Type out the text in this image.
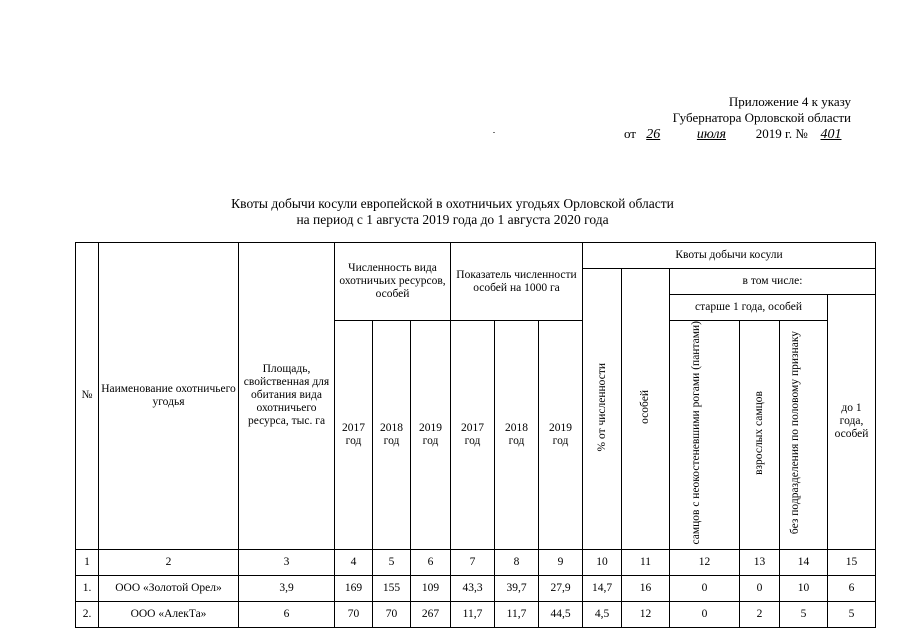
Приложение 4 к указу
Губернатора Орловской области
от 26	июля 2019 г. № 401
Квоты добычи косули европейской в охотничьих угодьях Орловской области
на период с 1 августа 2019 года до 1 августа 2020 года
№	Наименование охотничьего угодья	Площадь, свойственная для обитания вида охотничьего ресурса, тыс. га	Численность вида охотничьих ресурсов, особей			Показатель численности особей на 1000 га			Квоты добычи косули					
									% от численности	особей	в том числе:			
											старше 1 года, особей			до 1 года, особей
			2017 год	2018 год	2019 год	2017 год	2018 год	2019 год			самцов с неокостеневшими рогами (пантами)	взрослых самцов	без подразделения по половому признаку	
1	2	3	4	5	6	7	8	9	10	11	12	13	14	15
1.	ООО «Золотой Орел»	3,9	169	155	109	43,3	39,7	27,9	14,7	16	0	0	10	6
2.	ООО «АлекТа»	6	70	70	267	11,7	11,7	44,5	4,5	12	0	2	5	5
